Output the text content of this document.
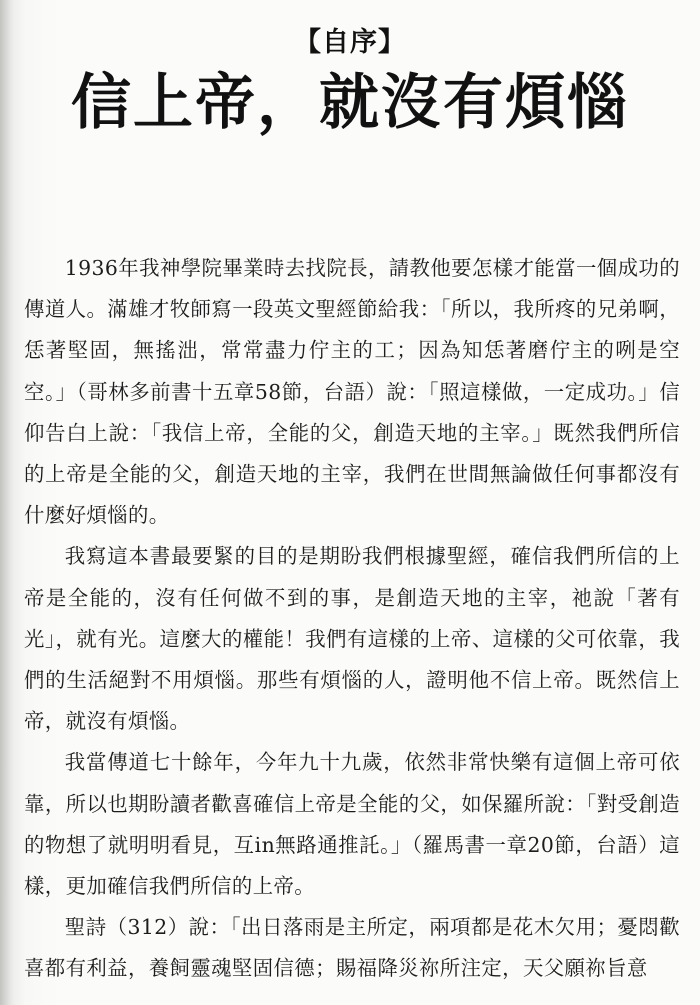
【自序】
信上帝，就沒有煩惱

1936年我神學院畢業時去找院長，請教他要怎樣才能當一個成功的傳道人。滿雄才牧師寫一段英文聖經節給我：「所以，我所疼的兄弟啊，恁著堅固，無搖泏，常常盡力佇主的工；因為知恁著磨佇主的咧是空空。」（哥林多前書十五章58節，台語）說：「照這樣做，一定成功。」信仰告白上說：「我信上帝，全能的父，創造天地的主宰。」既然我們所信的上帝是全能的父，創造天地的主宰，我們在世間無論做任何事都沒有什麼好煩惱的。

我寫這本書最要緊的目的是期盼我們根據聖經，確信我們所信的上帝是全能的，沒有任何做不到的事，是創造天地的主宰，祂說「著有光」，就有光。這麼大的權能！我們有這樣的上帝、這樣的父可依靠，我們的生活絕對不用煩惱。那些有煩惱的人，證明他不信上帝。既然信上帝，就沒有煩惱。

我當傳道七十餘年，今年九十九歲，依然非常快樂有這個上帝可依靠，所以也期盼讀者歡喜確信上帝是全能的父，如保羅所說：「對受創造的物想了就明明看見，互in無路通推託。」（羅馬書一章20節，台語）這樣，更加確信我們所信的上帝。

聖詩（312）說：「出日落雨是主所定，兩項都是花木欠用；憂悶歡喜都有利益，養飼靈魂堅固信德；賜福降災祢所注定，天父願祢旨意
